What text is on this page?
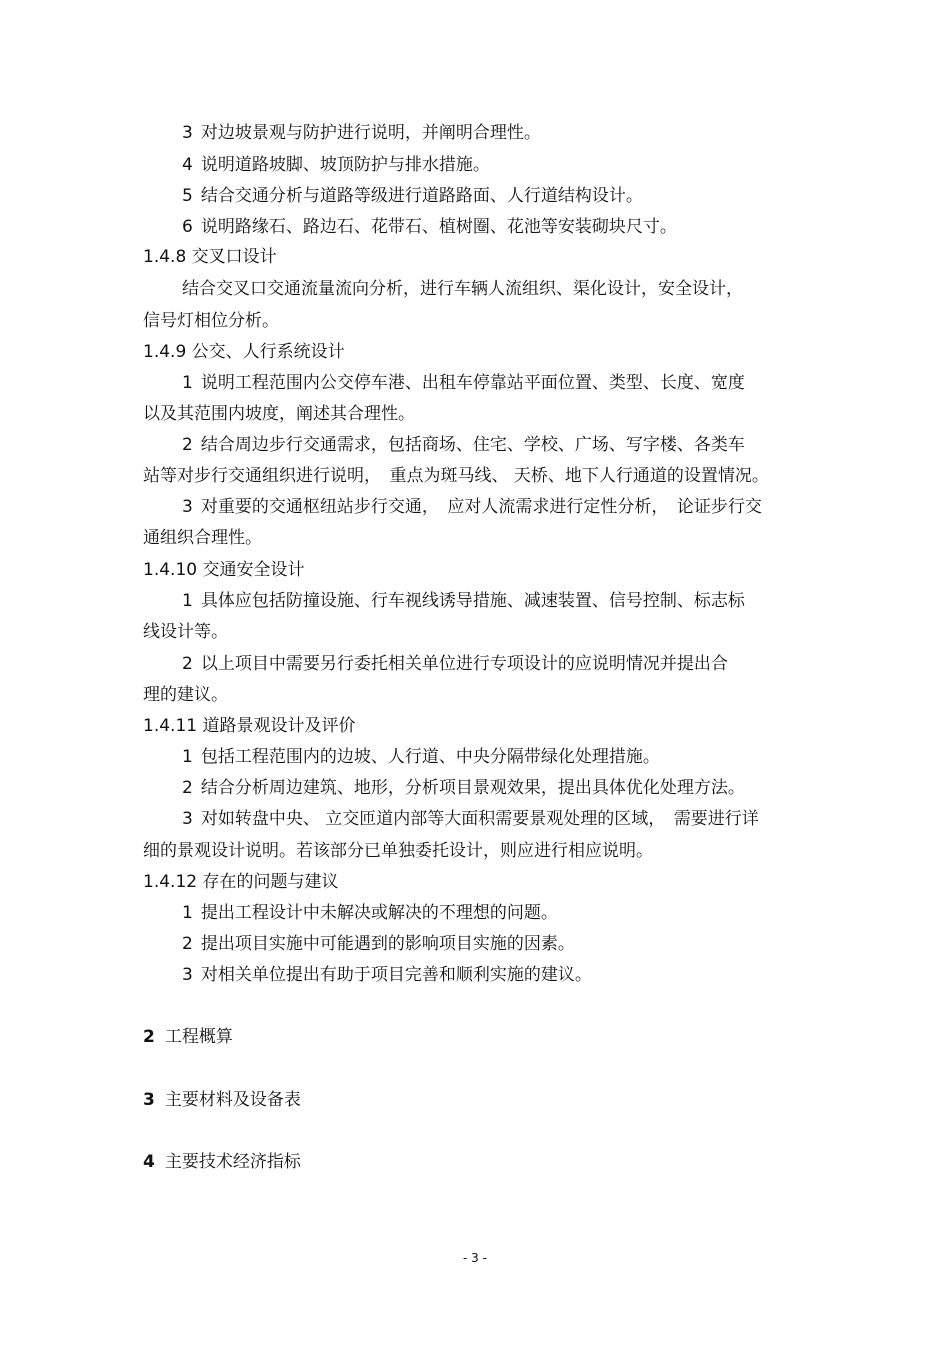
3 对边坡景观与防护进行说明，并阐明合理性。
4 说明道路坡脚、坡顶防护与排水措施。
5 结合交通分析与道路等级进行道路路面、人行道结构设计。
6 说明路缘石、路边石、花带石、植树圈、花池等安装砌块尺寸。
1.4.8 交叉口设计
结合交叉口交通流量流向分析，进行车辆人流组织、渠化设计，安全设计，
信号灯相位分析。
1.4.9 公交、人行系统设计
1 说明工程范围内公交停车港、出租车停靠站平面位置、类型、长度、宽度
以及其范围内坡度，阐述其合理性。
2 结合周边步行交通需求，包括商场、住宅、学校、广场、写字楼、各类车
站等对步行交通组织进行说明，　重点为斑马线、 天桥、地下人行通道的设置情况。
3 对重要的交通枢纽站步行交通，　应对人流需求进行定性分析，　论证步行交
通组织合理性。
1.4.10 交通安全设计
1 具体应包括防撞设施、行车视线诱导措施、减速装置、信号控制、标志标
线设计等。
2 以上项目中需要另行委托相关单位进行专项设计的应说明情况并提出合
理的建议。
1.4.11 道路景观设计及评价
1 包括工程范围内的边坡、人行道、中央分隔带绿化处理措施。
2 结合分析周边建筑、地形，分析项目景观效果，提出具体优化处理方法。
3 对如转盘中央、 立交匝道内部等大面积需要景观处理的区域，　需要进行详
细的景观设计说明。若该部分已单独委托设计，则应进行相应说明。
1.4.12 存在的问题与建议
1 提出工程设计中未解决或解决的不理想的问题。
2 提出项目实施中可能遇到的影响项目实施的因素。
3 对相关单位提出有助于项目完善和顺利实施的建议。
2 工程概算
3 主要材料及设备表
4 主要技术经济指标
- 3 -
